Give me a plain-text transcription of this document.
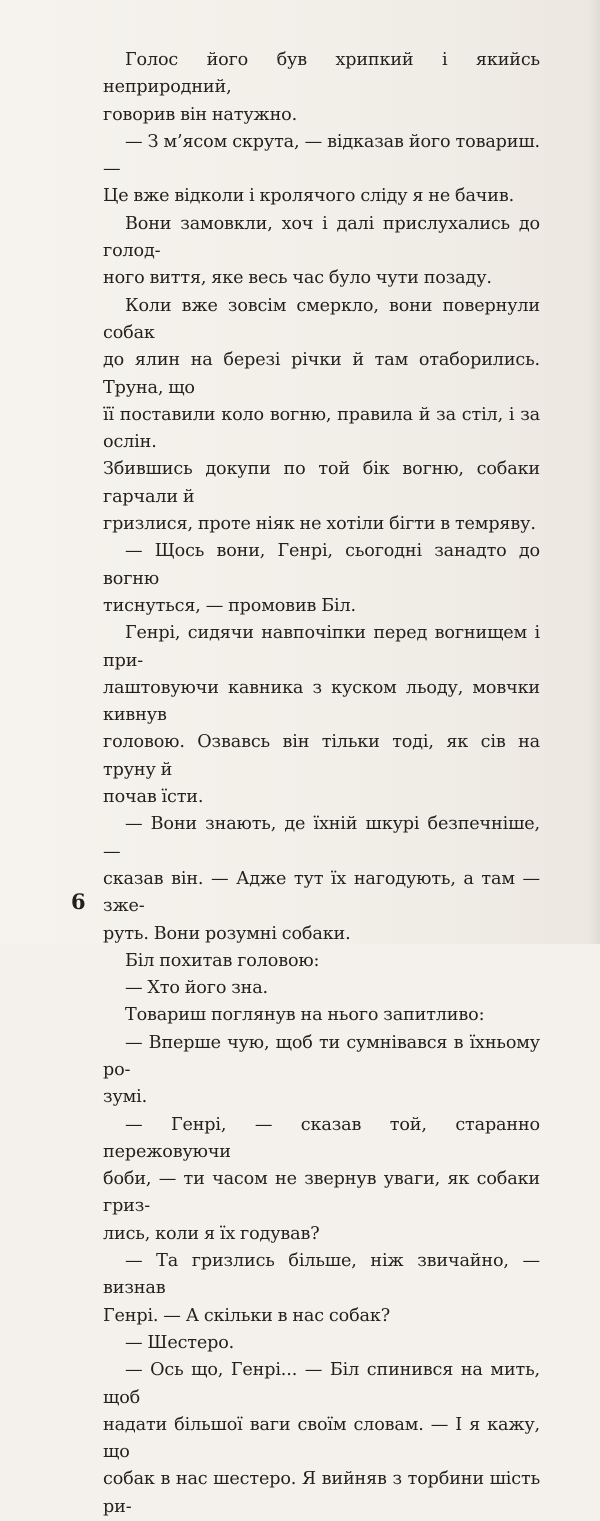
Голос його був хрипкий і якийсь неприродний,
говорив він натужно.

— З м’ясом скрута, — відказав його товариш. —
Це вже відколи і кролячого сліду я не бачив.

Вони замовкли, хоч і далі прислухались до голод-
ного виття, яке весь час було чути позаду.

Коли вже зовсім смеркло, вони повернули собак
до ялин на березі річки й там отаборились. Труна, що
її поставили коло вогню, правила й за стіл, і за ослін.
Збившись докупи по той бік вогню, собаки гарчали й
гризлися, проте ніяк не хотіли бігти в темряву.

— Щось вони, Генрі, сьогодні занадто до вогню
тиснуться, — промовив Біл.

Генрі, сидячи навпочіпки перед вогнищем і при-
лаштовуючи кавника з куском льоду, мовчки кивнув
головою. Озвавсь він тільки тоді, як сів на труну й
почав їсти.

— Вони знають, де їхній шкурі безпечніше, —
сказав він. — Адже тут їх нагодують, а там — зже-
руть. Вони розумні собаки.

Біл похитав головою:

— Хто його зна.

Товариш поглянув на нього запитливо:

— Вперше чую, щоб ти сумнівався в їхньому ро-
зумі.

— Генрі, — сказав той, старанно пережовуючи
боби, — ти часом не звернув уваги, як собаки гриз-
лись, коли я їх годував?

— Та гризлись більше, ніж звичайно, — визнав
Генрі. — А скільки в нас собак?

— Шестеро.

— Ось що, Генрі... — Біл спинився на мить, щоб
надати більшої ваги своїм словам. — І я кажу, що
собак в нас шестеро. Я вийняв з торбини шість ри-

6
